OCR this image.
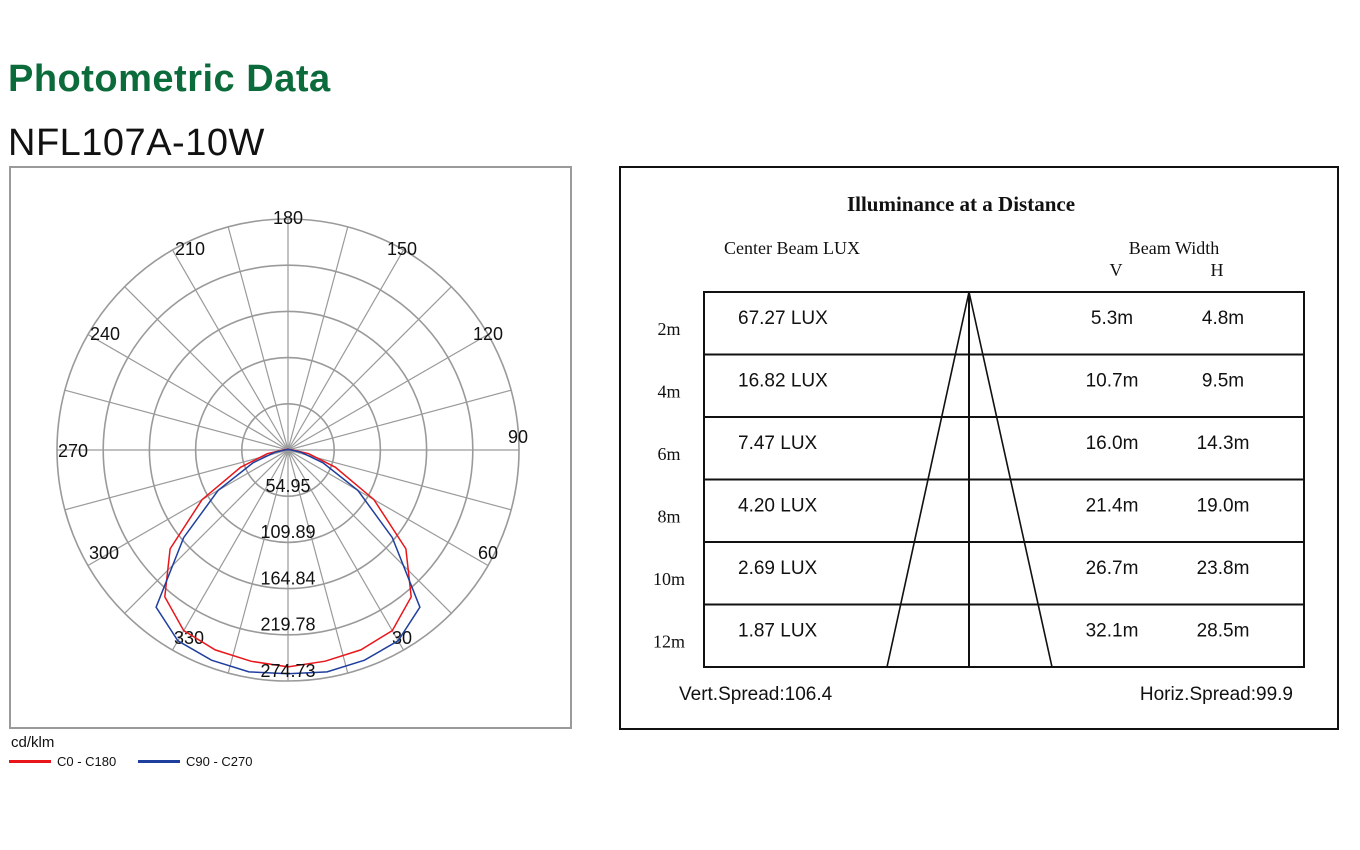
Photometric Data
NFL107A-10W
180
210	150
240	120
270
90
300	60
330	30
54.95
109.89
164.84
219.78
274.73
cd/klm
C0 - C180	C90 - C270
Illuminance at a Distance
Center Beam LUX	Beam Width
V	H
2m	67.27 LUX	5.3m	4.8m
4m	16.82 LUX	10.7m	9.5m
6m	7.47 LUX	16.0m	14.3m
8m	4.20 LUX	21.4m	19.0m
10m	2.69 LUX	26.7m	23.8m
12m	1.87 LUX	32.1m	28.5m
Vert.Spread:106.4	Horiz.Spread:99.9
